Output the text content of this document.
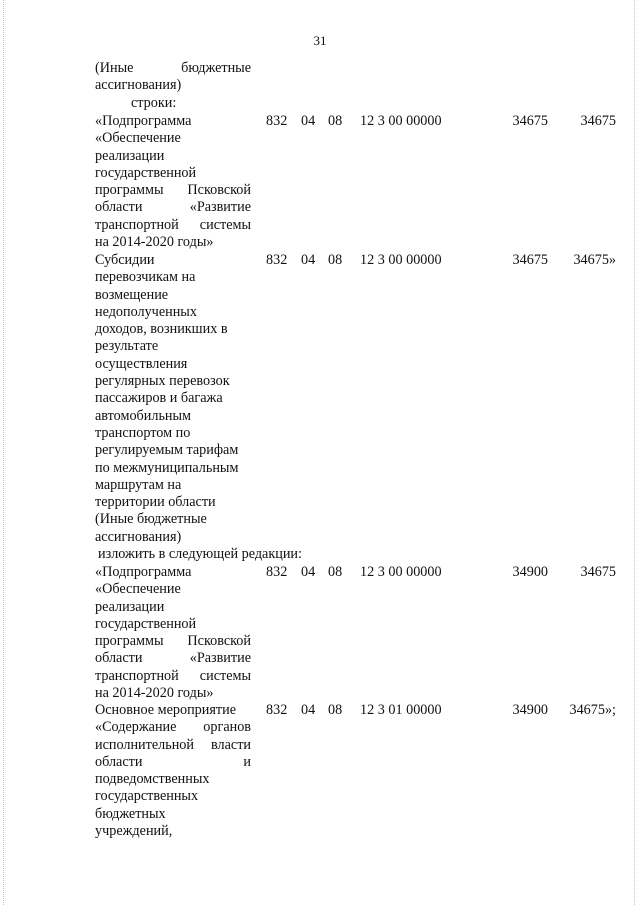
31
(Иные бюджетные
ассигнования)
строки:
«Подпрограмма
«Обеспечение
реализации
государственной
программы Псковской
области «Развитие
транспортной системы
на 2014-2020 годы»
832 04 08 12 3 00 00000	34675	34675
Субсидии
перевозчикам на
возмещение
недополученных
доходов, возникших в
результате
осуществления
регулярных перевозок
пассажиров и багажа
автомобильным
транспортом по
регулируемым тарифам
по межмуниципальным
маршрутам на
территории области
(Иные бюджетные
ассигнования)
832 04 08 12 3 00 00000	34675	34675»
изложить в следующей редакции:
«Подпрограмма
«Обеспечение
реализации
государственной
программы Псковской
области «Развитие
транспортной системы
на 2014-2020 годы»
832 04 08 12 3 00 00000	34900	34675
Основное мероприятие
«Содержание органов
исполнительной власти
области и
подведомственных
государственных
бюджетных
учреждений,
832 04 08 12 3 01 00000	34900	34675»;
